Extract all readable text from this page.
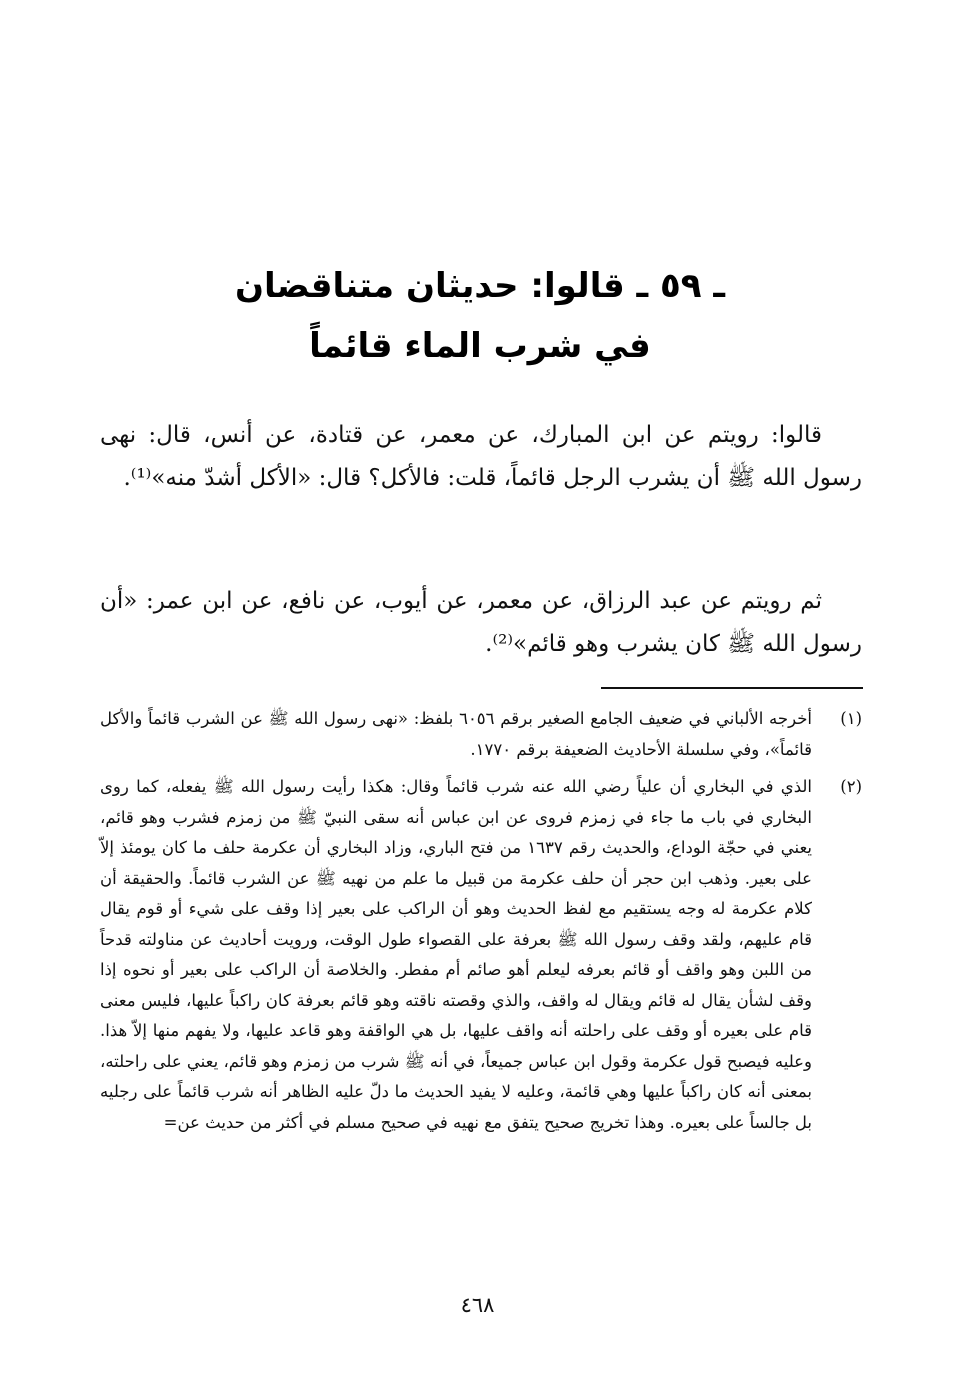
ـ ٥٩ ـ قالوا: حديثان متناقضان
في شرب الماء قائماً
قالوا: رويتم عن ابن المبارك، عن معمر، عن قتادة، عن أنس، قال: نهى رسول الله ﷺ أن يشرب الرجل قائماً، قلت: فالأكل؟ قال: «الأكل أشدّ منه»⁽¹⁾.
ثم رويتم عن عبد الرزاق، عن معمر، عن أيوب، عن نافع، عن ابن عمر: «أن رسول الله ﷺ كان يشرب وهو قائم»⁽²⁾.
(١)
أخرجه الألباني في ضعيف الجامع الصغير برقم ٦٠٥٦ بلفظ: «نهى رسول الله ﷺ عن الشرب قائماً والأكل قائماً»، وفي سلسلة الأحاديث الضعيفة برقم ١٧٧٠.
(٢)
الذي في البخاري أن علياً رضي الله عنه شرب قائماً وقال: هكذا رأيت رسول الله ﷺ يفعله، كما روى البخاري في باب ما جاء في زمزم فروى عن ابن عباس أنه سقى النبيّ ﷺ من زمزم فشرب وهو قائم، يعني في حجّة الوداع، والحديث رقم ١٦٣٧ من فتح الباري، وزاد البخاري أن عكرمة حلف ما كان يومئذ إلاّ على بعير. وذهب ابن حجر أن حلف عكرمة من قبيل ما علم من نهيه ﷺ عن الشرب قائماً. والحقيقة أن كلام عكرمة له وجه يستقيم مع لفظ الحديث وهو أن الراكب على بعير إذا وقف على شيء أو قوم يقال قام عليهم، ولقد وقف رسول الله ﷺ بعرفة على القصواء طول الوقت، ورويت أحاديث عن مناولته قدحاً من اللبن وهو واقف أو قائم بعرفه ليعلم أهو صائم أم مفطر. والخلاصة أن الراكب على بعير أو نحوه إذا وقف لشأن يقال له قائم ويقال له واقف، والذي وقصته ناقته وهو قائم بعرفة كان راكباً عليها، فليس معنى قام على بعيره أو وقف على راحلته أنه واقف عليها، بل هي الواقفة وهو قاعد عليها، ولا يفهم منها إلاّ هذا. وعليه فيصبح قول عكرمة وقول ابن عباس جميعاً، في أنه ﷺ شرب من زمزم وهو قائم، يعني على راحلته، بمعنى أنه كان راكباً عليها وهي قائمة، وعليه لا يفيد الحديث ما دلّ عليه الظاهر أنه شرب قائماً على رجليه بل جالساً على بعيره. وهذا تخريج صحيح يتفق مع نهيه في صحيح مسلم في أكثر من حديث عن=
٤٦٨
